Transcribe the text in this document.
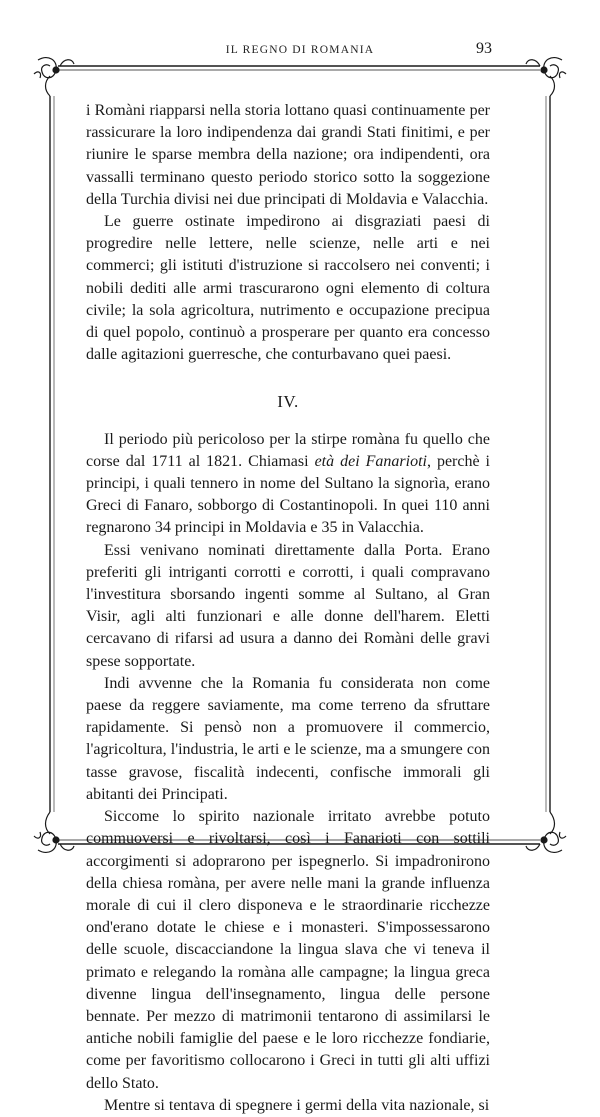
IL REGNO DI ROMANIA	93

i Romàni riapparsi nella storia lottano quasi continuamente per rassicurare la loro indipendenza dai grandi Stati finitimi, e per riunire le sparse membra della nazione; ora indipendenti, ora vassalli terminano questo periodo storico sotto la soggezione della Turchia divisi nei due principati di Moldavia e Valacchia.

Le guerre ostinate impedirono ai disgraziati paesi di progredire nelle lettere, nelle scienze, nelle arti e nei commerci; gli istituti d'istruzione si raccolsero nei conventi; i nobili dediti alle armi trascurarono ogni elemento di coltura civile; la sola agricoltura, nutrimento e occupazione precipua di quel popolo, continuò a prosperare per quanto era concesso dalle agitazioni guerresche, che conturbavano quei paesi.

IV.

Il periodo più pericoloso per la stirpe romàna fu quello che corse dal 1711 al 1821. Chiamasi età dei Fanarioti, perchè i principi, i quali tennero in nome del Sultano la signorìa, erano Greci di Fanaro, sobborgo di Costantinopoli. In quei 110 anni regnarono 34 principi in Moldavia e 35 in Valacchia.

Essi venivano nominati direttamente dalla Porta. Erano preferiti gli intriganti corrotti e corrotti, i quali compravano l'investitura sborsando ingenti somme al Sultano, al Gran Visir, agli alti funzionari e alle donne dell'harem. Eletti cercavano di rifarsi ad usura a danno dei Romàni delle gravi spese sopportate.

Indi avvenne che la Romania fu considerata non come paese da reggere saviamente, ma come terreno da sfruttare rapidamente. Si pensò non a promuovere il commercio, l'agricoltura, l'industria, le arti e le scienze, ma a smungere con tasse gravose, fiscalità indecenti, confische immorali gli abitanti dei Principati.

Siccome lo spirito nazionale irritato avrebbe potuto commuoversi e rivoltarsi, così i Fanarioti con sottili accorgimenti si adoprarono per ispegnerlo. Si impadronirono della chiesa romàna, per avere nelle mani la grande influenza morale di cui il clero disponeva e le straordinarie ricchezze ond'erano dotate le chiese e i monasteri. S'impossessarono delle scuole, discacciandone la lingua slava che vi teneva il primato e relegando la romàna alle campagne; la lingua greca divenne lingua dell'insegnamento, lingua delle persone bennate. Per mezzo di matrimonii tentarono di assimilarsi le antiche nobili famiglie del paese e le loro ricchezze fondiarie, come per favoritismo collocarono i Greci in tutti gli alti uffizi dello Stato.

Mentre si tentava di spegnere i germi della vita nazionale, si
